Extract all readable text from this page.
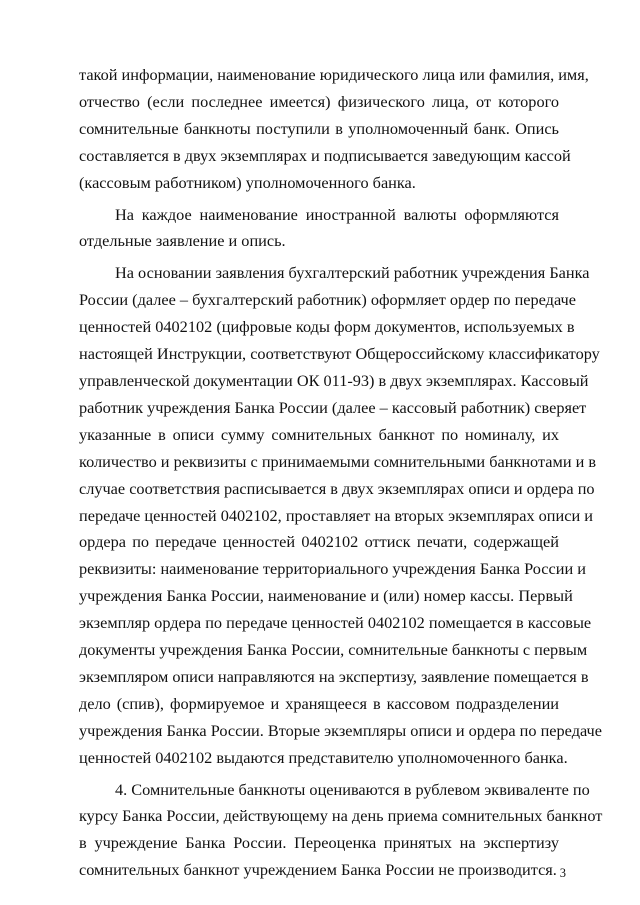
такой информации, наименование юридического лица или фамилия, имя,
отчество (если последнее имеется) физического лица, от которого
сомнительные банкноты поступили в уполномоченный банк. Опись
составляется в двух экземплярах и подписывается заведующим кассой
(кассовым работником) уполномоченного банка.

На каждое наименование иностранной валюты оформляются
отдельные заявление и опись.

На основании заявления бухгалтерский работник учреждения Банка
России (далее – бухгалтерский работник) оформляет ордер по передаче
ценностей 0402102 (цифровые коды форм документов, используемых в
настоящей Инструкции, соответствуют Общероссийскому классификатору
управленческой документации ОК 011-93) в двух экземплярах. Кассовый
работник учреждения Банка России (далее – кассовый работник) сверяет
указанные в описи сумму сомнительных банкнот по номиналу, их
количество и реквизиты с принимаемыми сомнительными банкнотами и в
случае соответствия расписывается в двух экземплярах описи и ордера по
передаче ценностей 0402102, проставляет на вторых экземплярах описи и
ордера по передаче ценностей 0402102 оттиск печати, содержащей
реквизиты: наименование территориального учреждения Банка России и
учреждения Банка России, наименование и (или) номер кассы. Первый
экземпляр ордера по передаче ценностей 0402102 помещается в кассовые
документы учреждения Банка России, сомнительные банкноты с первым
экземпляром описи направляются на экспертизу, заявление помещается в
дело (спив), формируемое и хранящееся в кассовом подразделении
учреждения Банка России. Вторые экземпляры описи и ордера по передаче
ценностей 0402102 выдаются представителю уполномоченного банка.

4. Сомнительные банкноты оцениваются в рублевом эквиваленте по
курсу Банка России, действующему на день приема сомнительных банкнот
в учреждение Банка России. Переоценка принятых на экспертизу
сомнительных банкнот учреждением Банка России не производится. 3
